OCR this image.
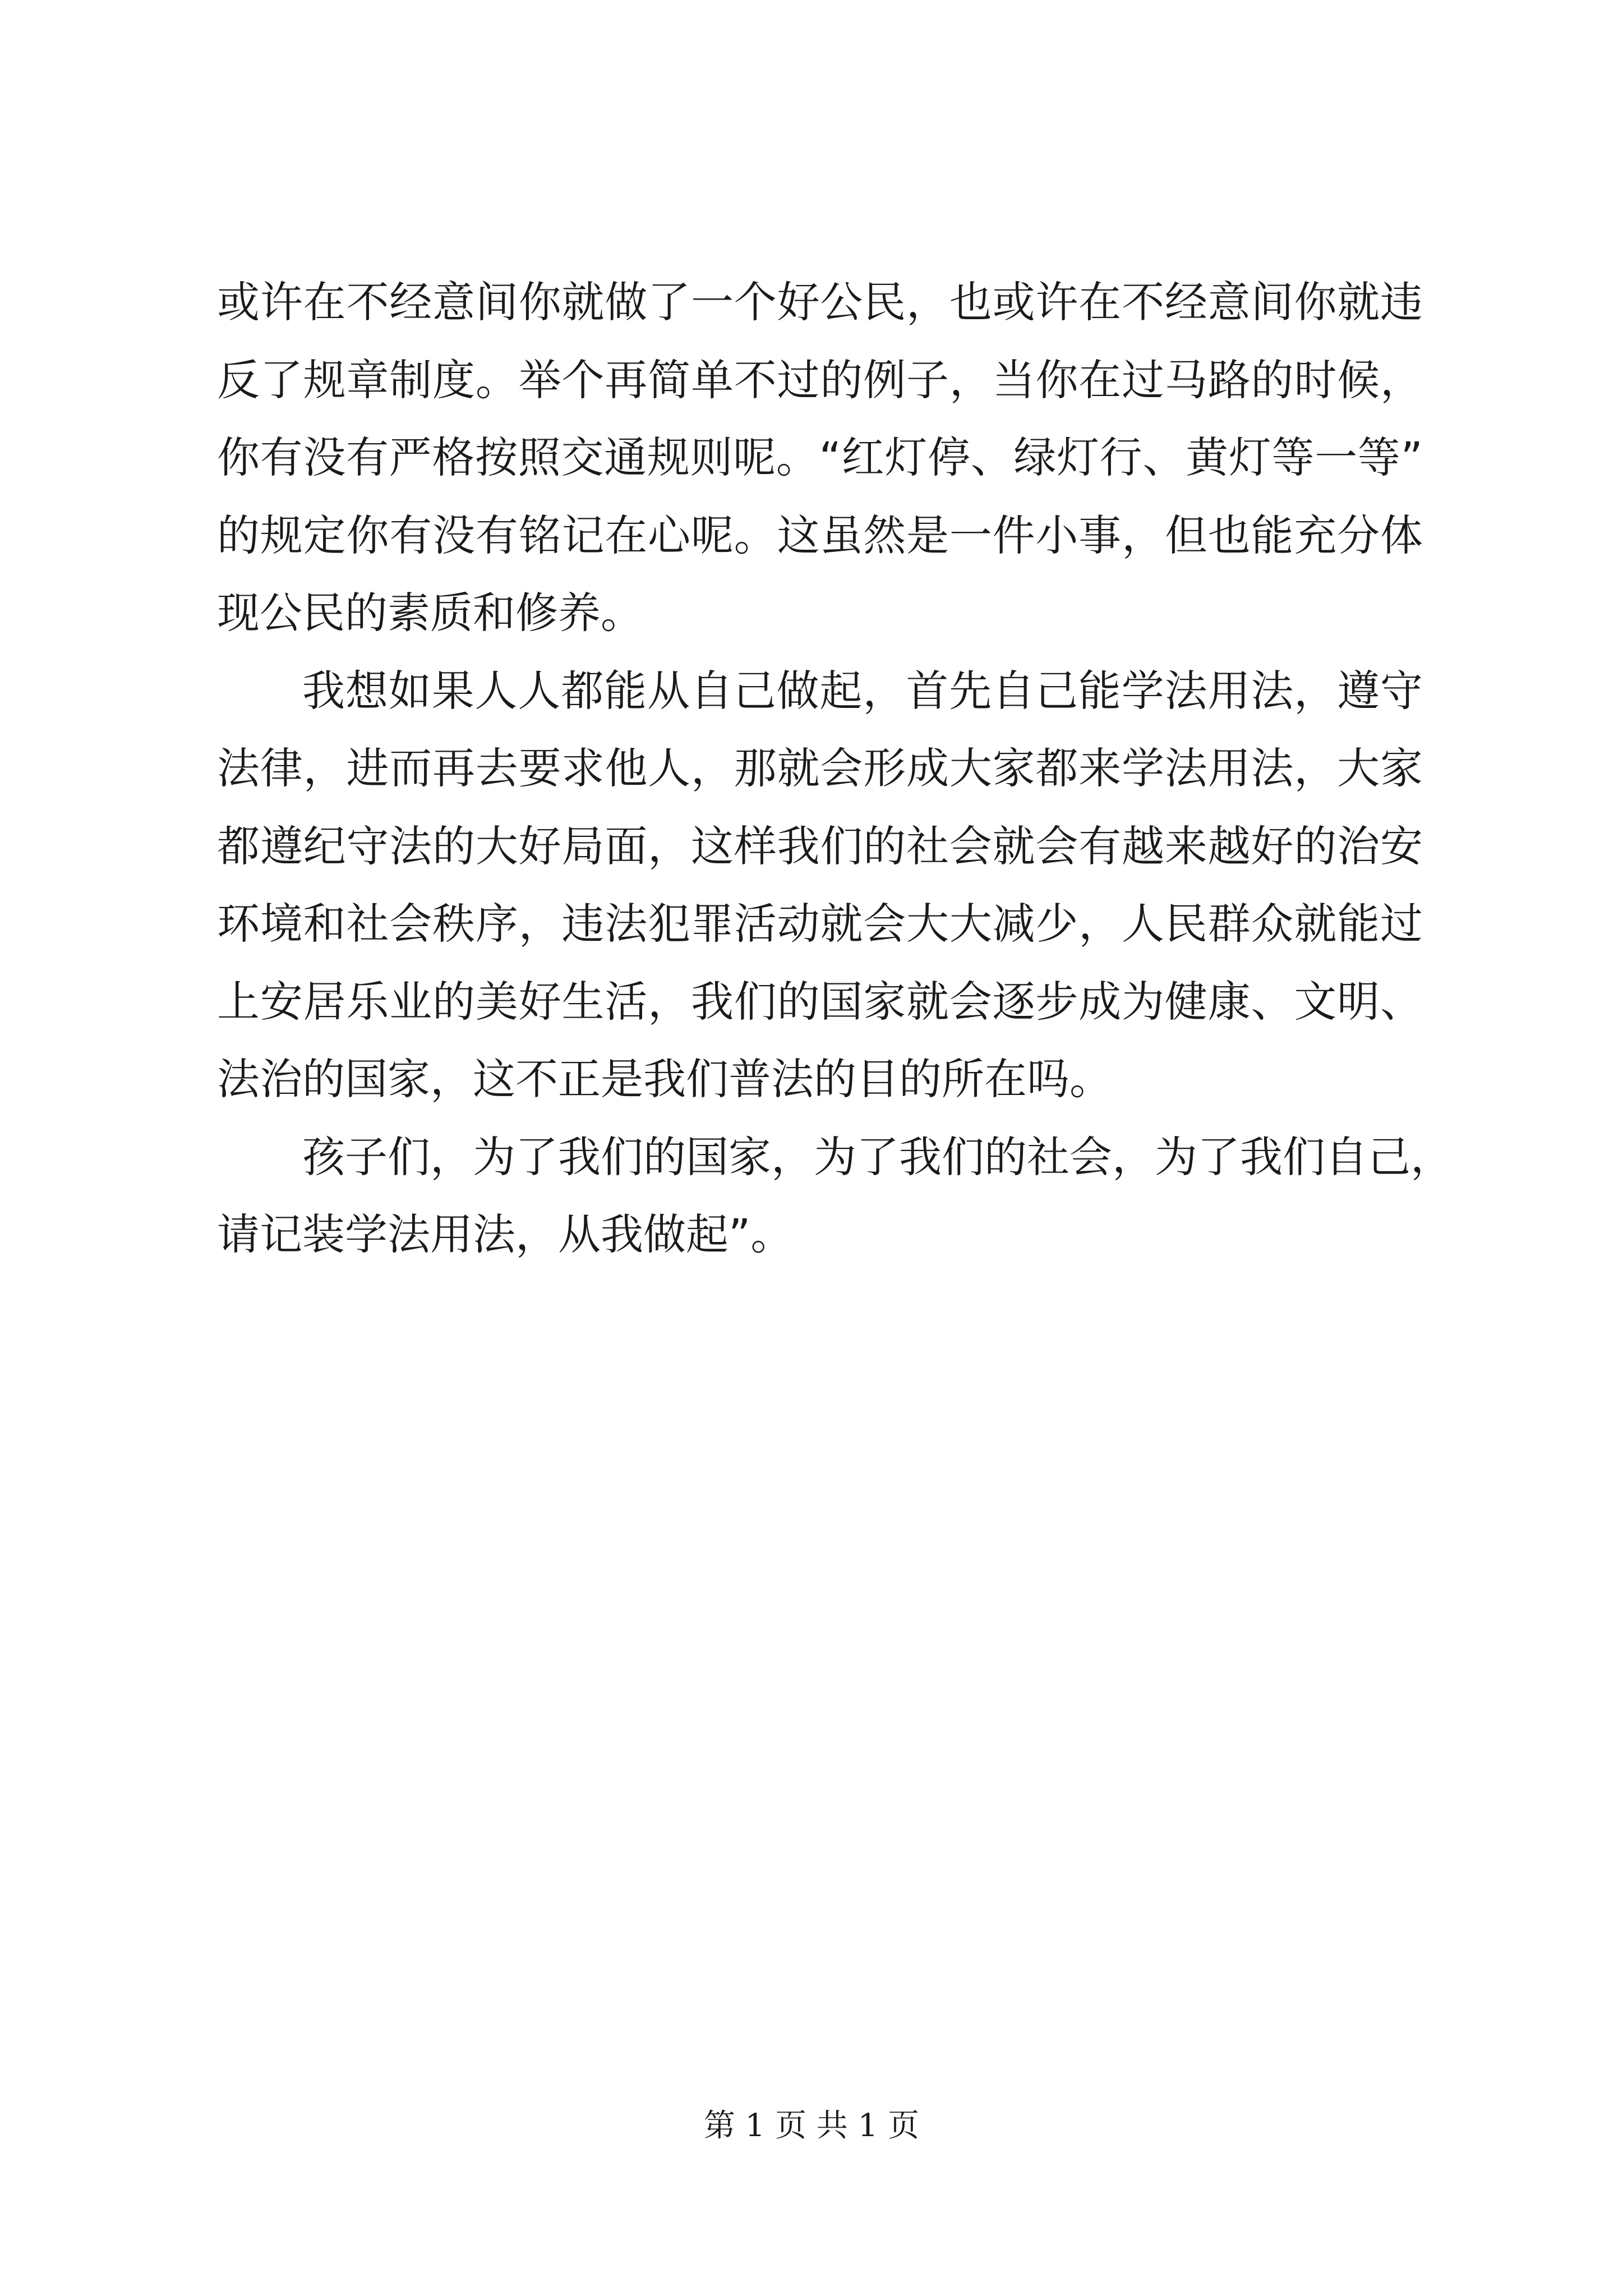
或许在不经意间你就做了一个好公民，也或许在不经意间你就违
反了规章制度。举个再简单不过的例子，当你在过马路的时候，
你有没有严格按照交通规则呢。“红灯停、绿灯行、黄灯等一等”
的规定你有没有铭记在心呢。这虽然是一件小事，但也能充分体
现公民的素质和修养。

我想如果人人都能从自己做起，首先自己能学法用法，遵守
法律，进而再去要求他人，那就会形成大家都来学法用法，大家
都遵纪守法的大好局面，这样我们的社会就会有越来越好的治安
环境和社会秩序，违法犯罪活动就会大大减少，人民群众就能过
上安居乐业的美好生活，我们的国家就会逐步成为健康、文明、
法治的国家，这不正是我们普法的目的所在吗。

孩子们，为了我们的国家，为了我们的社会，为了我们自己，
请记装学法用法，从我做起”。

第 1 页 共 1 页
